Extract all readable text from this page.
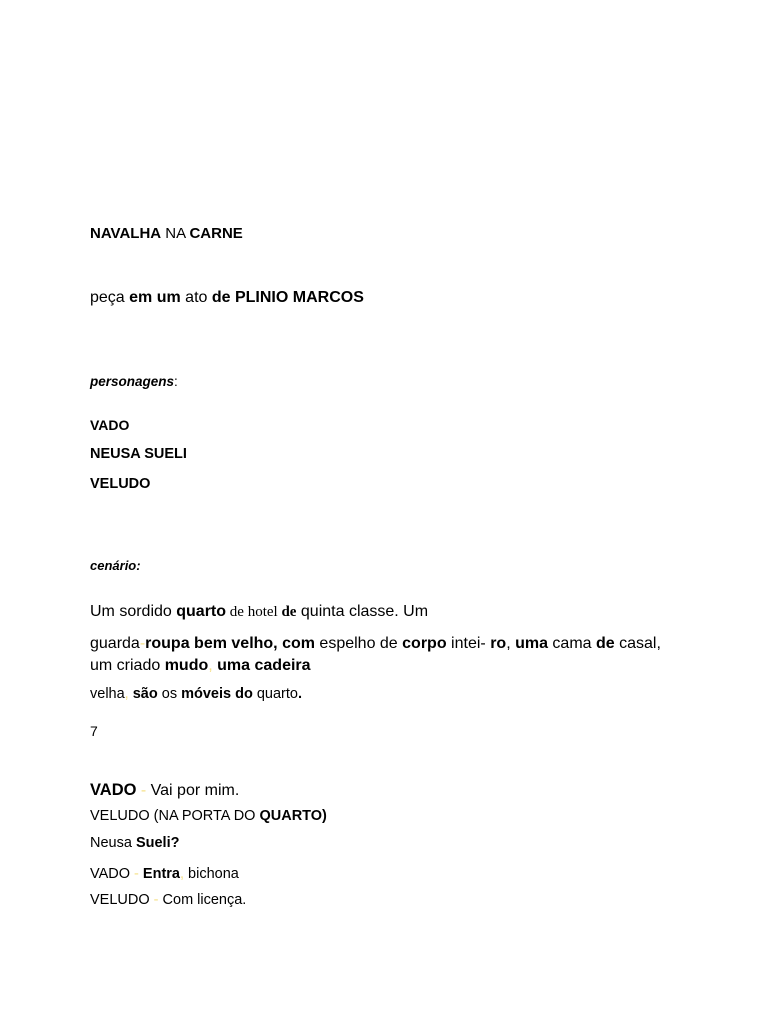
NAVALHA NA CARNE
peça em um ato de PLINIO MARCOS
personagens:
VADO
NEUSA SUELI
VELUDO
cenário:
Um sordido quarto de hotel de quinta classe. Um
guarda-roupa bem velho, com espelho de corpo intei- ro, uma cama de casal,
um criado mudo, uma cadeira
velha, são os móveis do quarto.
7
VADO - Vai por mim.
VELUDO (NA PORTA DO QUARTO)
Neusa Sueli?
VADO - Entra, bichona
VELUDO - Com licença.
